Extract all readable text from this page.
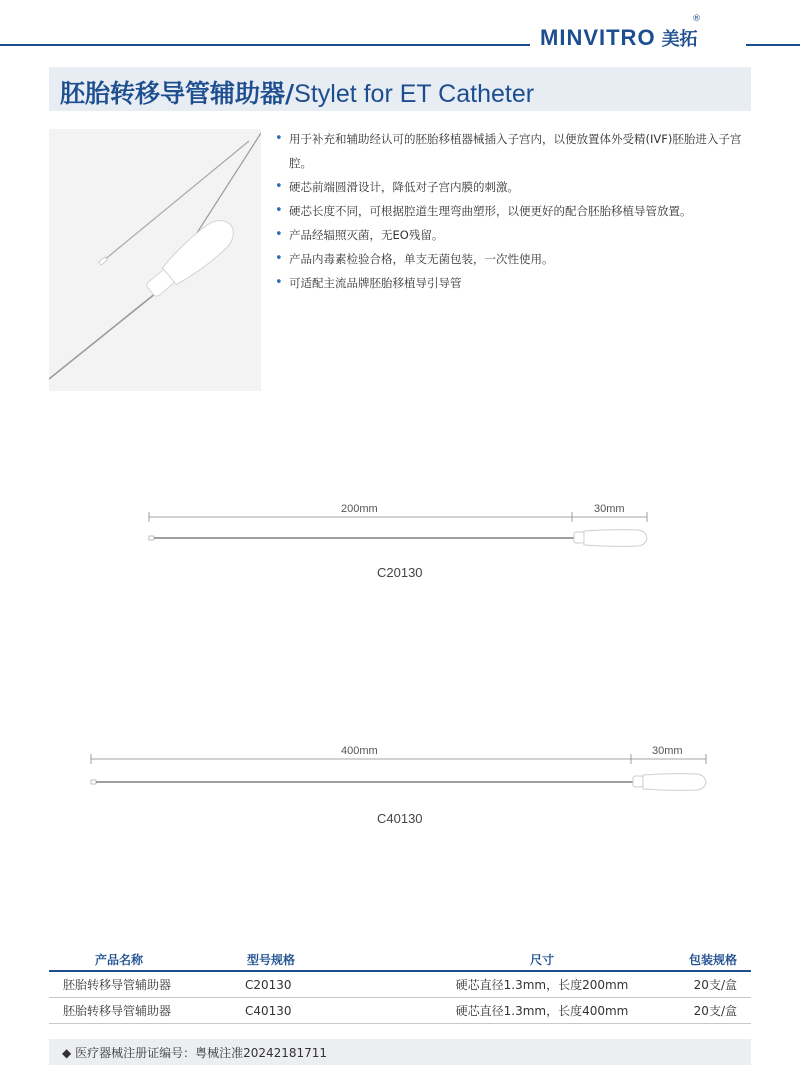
MINVITRO 美拓
®
胚胎转移导管辅助器/Stylet for ET Catheter
• 用于补充和辅助经认可的胚胎移植器械插入子宫内，以便放置体外受精(IVF)胚胎进入子宫腔。
• 硬芯前端圆滑设计，降低对子宫内膜的刺激。
• 硬芯长度不同，可根据腔道生理弯曲塑形，以便更好的配合胚胎移植导管放置。
• 产品经辐照灭菌，无EO残留。
• 产品内毒素检验合格，单支无菌包装，一次性使用。
• 可适配主流品牌胚胎移植导引导管
200mm	30mm
C20130
400mm	30mm
C40130
产品名称	型号规格	尺寸	包装规格
胚胎转移导管辅助器	C20130	硬芯直径1.3mm，长度200mm	20支/盒
胚胎转移导管辅助器	C40130	硬芯直径1.3mm，长度400mm	20支/盒
◆ 医疗器械注册证编号：粤械注准20242181711
